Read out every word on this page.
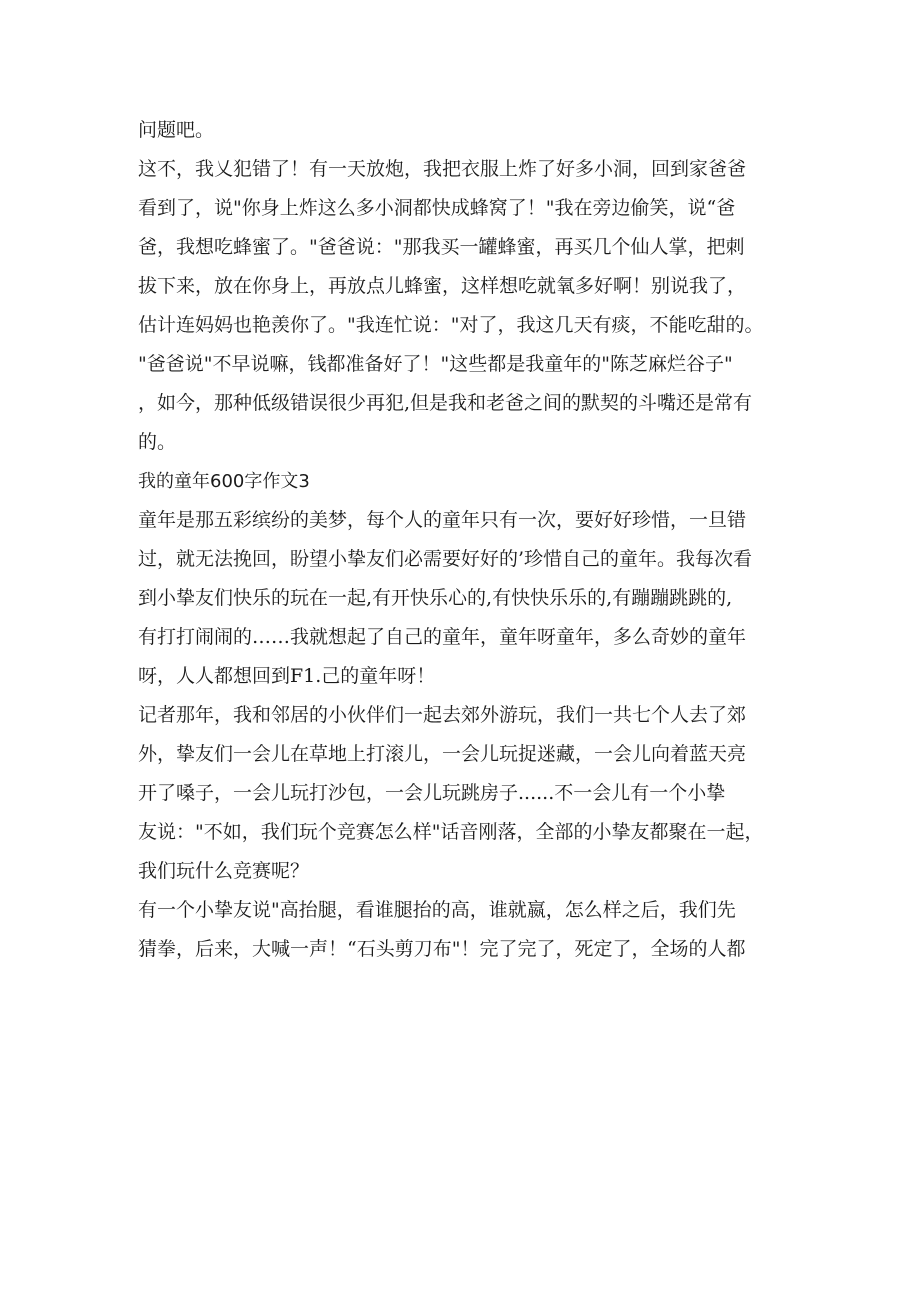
问题吧。
这不，我乂犯错了！有一天放炮，我把衣服上炸了好多小洞，回到家爸爸
看到了，说"你身上炸这么多小洞都快成蜂窝了！"我在旁边偷笑，说“爸
爸，我想吃蜂蜜了。"爸爸说："那我买一罐蜂蜜，再买几个仙人掌，把刺
拔下来，放在你身上，再放点儿蜂蜜，这样想吃就氧多好啊！别说我了，
估计连妈妈也艳羡你了。"我连忙说："对了，我这几天有痰，不能吃甜的。
"爸爸说"不早说嘛，钱都准备好了！"这些都是我童年的"陈芝麻烂谷子"
，如今，那种低级错误很少再犯,但是我和老爸之间的默契的斗嘴还是常有
的。
我的童年600字作文3
童年是那五彩缤纷的美梦，每个人的童年只有一次，要好好珍惜，一旦错
过，就无法挽回，盼望小挚友们必需要好好的’珍惜自己的童年。我每次看
到小挚友们快乐的玩在一起,有开快乐心的,有快快乐乐的,有蹦蹦跳跳的,
有打打闹闹的……我就想起了自己的童年，童年呀童年，多么奇妙的童年
呀，人人都想回到F1.己的童年呀！
记者那年，我和邻居的小伙伴们一起去郊外游玩，我们一共七个人去了郊
外，挚友们一会儿在草地上打滚儿，一会儿玩捉迷藏，一会儿向着蓝天亮
开了嗓子，一会儿玩打沙包，一会儿玩跳房子......不一会儿有一个小挚
友说："不如，我们玩个竞赛怎么样"话音刚落，全部的小挚友都聚在一起，
我们玩什么竞赛呢？
有一个小挚友说"高抬腿，看谁腿抬的高，谁就嬴，怎么样之后，我们先
猜拳，后来，大喊一声！“石头剪刀布"！完了完了，死定了，全场的人都
